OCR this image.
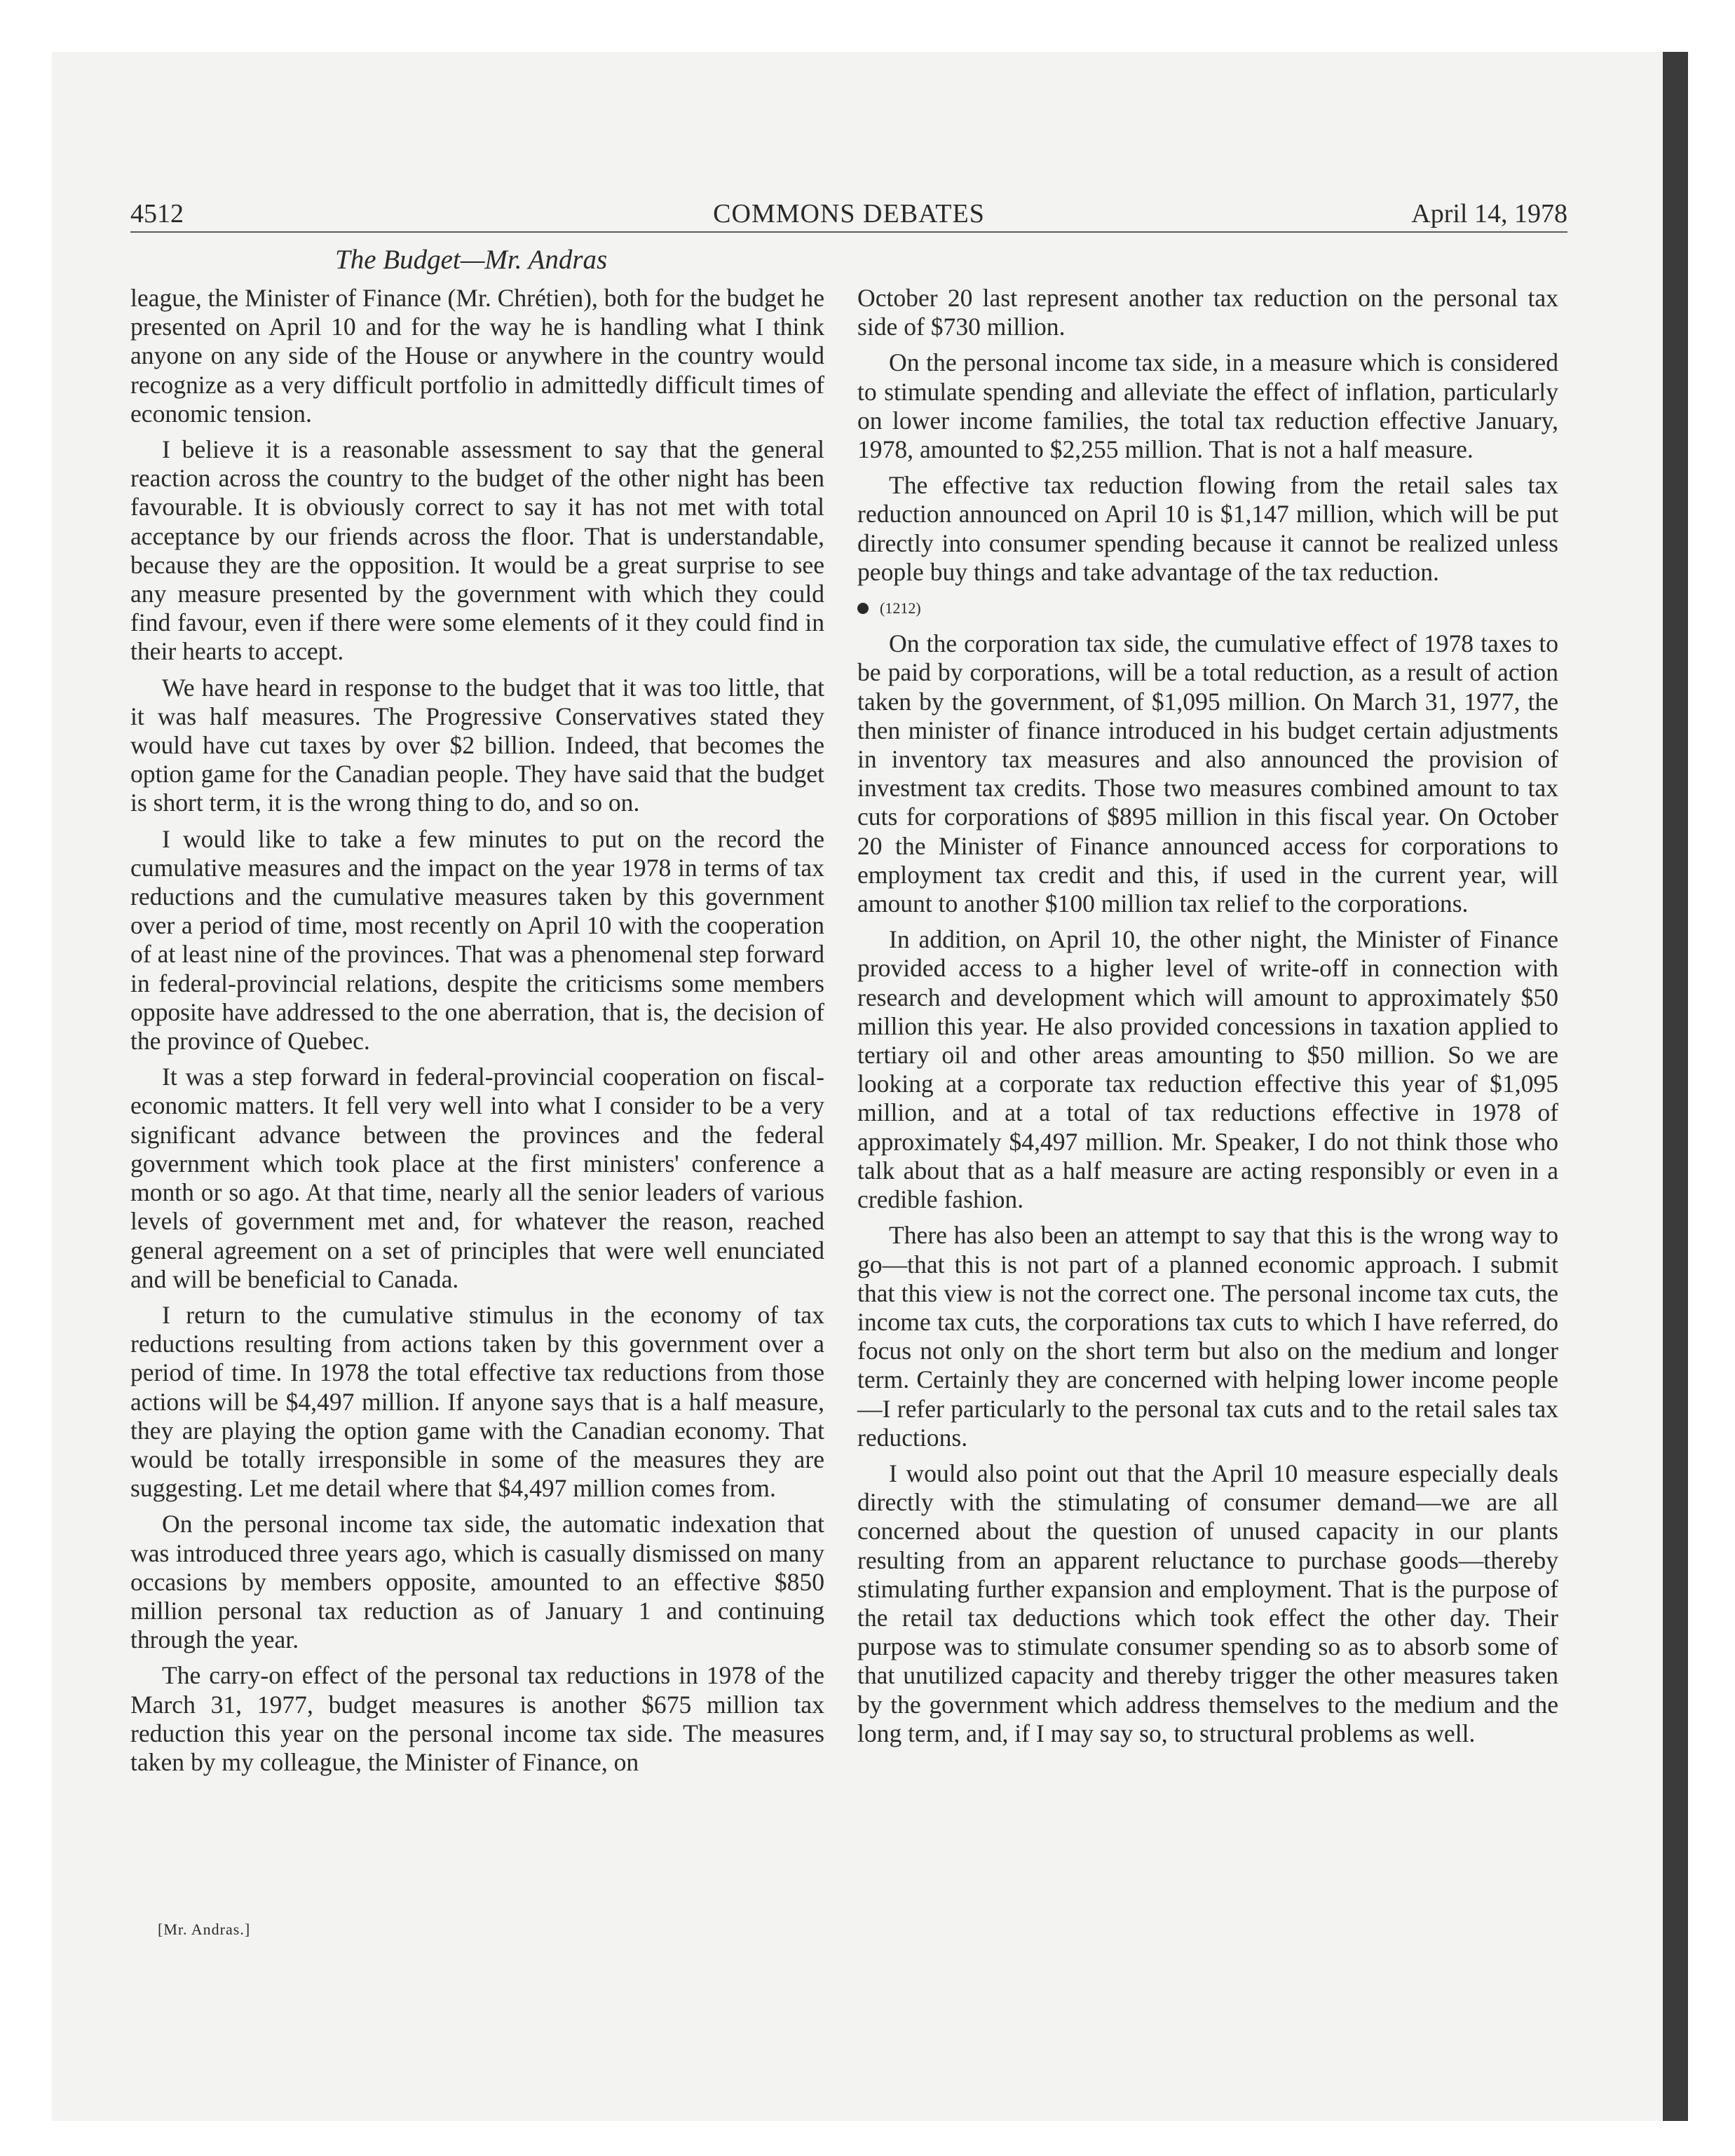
4512	COMMONS DEBATES	April 14, 1978
The Budget—Mr. Andras

league, the Minister of Finance (Mr. Chrétien), both for the budget he presented on April 10 and for the way he is handling what I think anyone on any side of the House or anywhere in the country would recognize as a very difficult portfolio in admittedly difficult times of economic tension.

I believe it is a reasonable assessment to say that the general reaction across the country to the budget of the other night has been favourable. It is obviously correct to say it has not met with total acceptance by our friends across the floor. That is understandable, because they are the opposition. It would be a great surprise to see any measure presented by the government with which they could find favour, even if there were some elements of it they could find in their hearts to accept.

We have heard in response to the budget that it was too little, that it was half measures. The Progressive Conservatives stated they would have cut taxes by over $2 billion. Indeed, that becomes the option game for the Canadian people. They have said that the budget is short term, it is the wrong thing to do, and so on.

I would like to take a few minutes to put on the record the cumulative measures and the impact on the year 1978 in terms of tax reductions and the cumulative measures taken by this government over a period of time, most recently on April 10 with the cooperation of at least nine of the provinces. That was a phenomenal step forward in federal-provincial relations, despite the criticisms some members opposite have addressed to the one aberration, that is, the decision of the province of Quebec.

It was a step forward in federal-provincial cooperation on fiscal-economic matters. It fell very well into what I consider to be a very significant advance between the provinces and the federal government which took place at the first ministers' conference a month or so ago. At that time, nearly all the senior leaders of various levels of government met and, for whatever the reason, reached general agreement on a set of principles that were well enunciated and will be beneficial to Canada.

I return to the cumulative stimulus in the economy of tax reductions resulting from actions taken by this government over a period of time. In 1978 the total effective tax reductions from those actions will be $4,497 million. If anyone says that is a half measure, they are playing the option game with the Canadian economy. That would be totally irresponsible in some of the measures they are suggesting. Let me detail where that $4,497 million comes from.

On the personal income tax side, the automatic indexation that was introduced three years ago, which is casually dismissed on many occasions by members opposite, amounted to an effective $850 million personal tax reduction as of January 1 and continuing through the year.

The carry-on effect of the personal tax reductions in 1978 of the March 31, 1977, budget measures is another $675 million tax reduction this year on the personal income tax side. The measures taken by my colleague, the Minister of Finance, on

October 20 last represent another tax reduction on the personal tax side of $730 million.

On the personal income tax side, in a measure which is considered to stimulate spending and alleviate the effect of inflation, particularly on lower income families, the total tax reduction effective January, 1978, amounted to $2,255 million. That is not a half measure.

The effective tax reduction flowing from the retail sales tax reduction announced on April 10 is $1,147 million, which will be put directly into consumer spending because it cannot be realized unless people buy things and take advantage of the tax reduction.

(1212)

On the corporation tax side, the cumulative effect of 1978 taxes to be paid by corporations, will be a total reduction, as a result of action taken by the government, of $1,095 million. On March 31, 1977, the then minister of finance introduced in his budget certain adjustments in inventory tax measures and also announced the provision of investment tax credits. Those two measures combined amount to tax cuts for corporations of $895 million in this fiscal year. On October 20 the Minister of Finance announced access for corporations to employment tax credit and this, if used in the current year, will amount to another $100 million tax relief to the corporations.

In addition, on April 10, the other night, the Minister of Finance provided access to a higher level of write-off in connection with research and development which will amount to approximately $50 million this year. He also provided concessions in taxation applied to tertiary oil and other areas amounting to $50 million. So we are looking at a corporate tax reduction effective this year of $1,095 million, and at a total of tax reductions effective in 1978 of approximately $4,497 million. Mr. Speaker, I do not think those who talk about that as a half measure are acting responsibly or even in a credible fashion.

There has also been an attempt to say that this is the wrong way to go—that this is not part of a planned economic approach. I submit that this view is not the correct one. The personal income tax cuts, the income tax cuts, the corporations tax cuts to which I have referred, do focus not only on the short term but also on the medium and longer term. Certainly they are concerned with helping lower income people—I refer particularly to the personal tax cuts and to the retail sales tax reductions.

I would also point out that the April 10 measure especially deals directly with the stimulating of consumer demand—we are all concerned about the question of unused capacity in our plants resulting from an apparent reluctance to purchase goods—thereby stimulating further expansion and employment. That is the purpose of the retail tax deductions which took effect the other day. Their purpose was to stimulate consumer spending so as to absorb some of that unutilized capacity and thereby trigger the other measures taken by the government which address themselves to the medium and the long term, and, if I may say so, to structural problems as well.

[Mr. Andras.]
